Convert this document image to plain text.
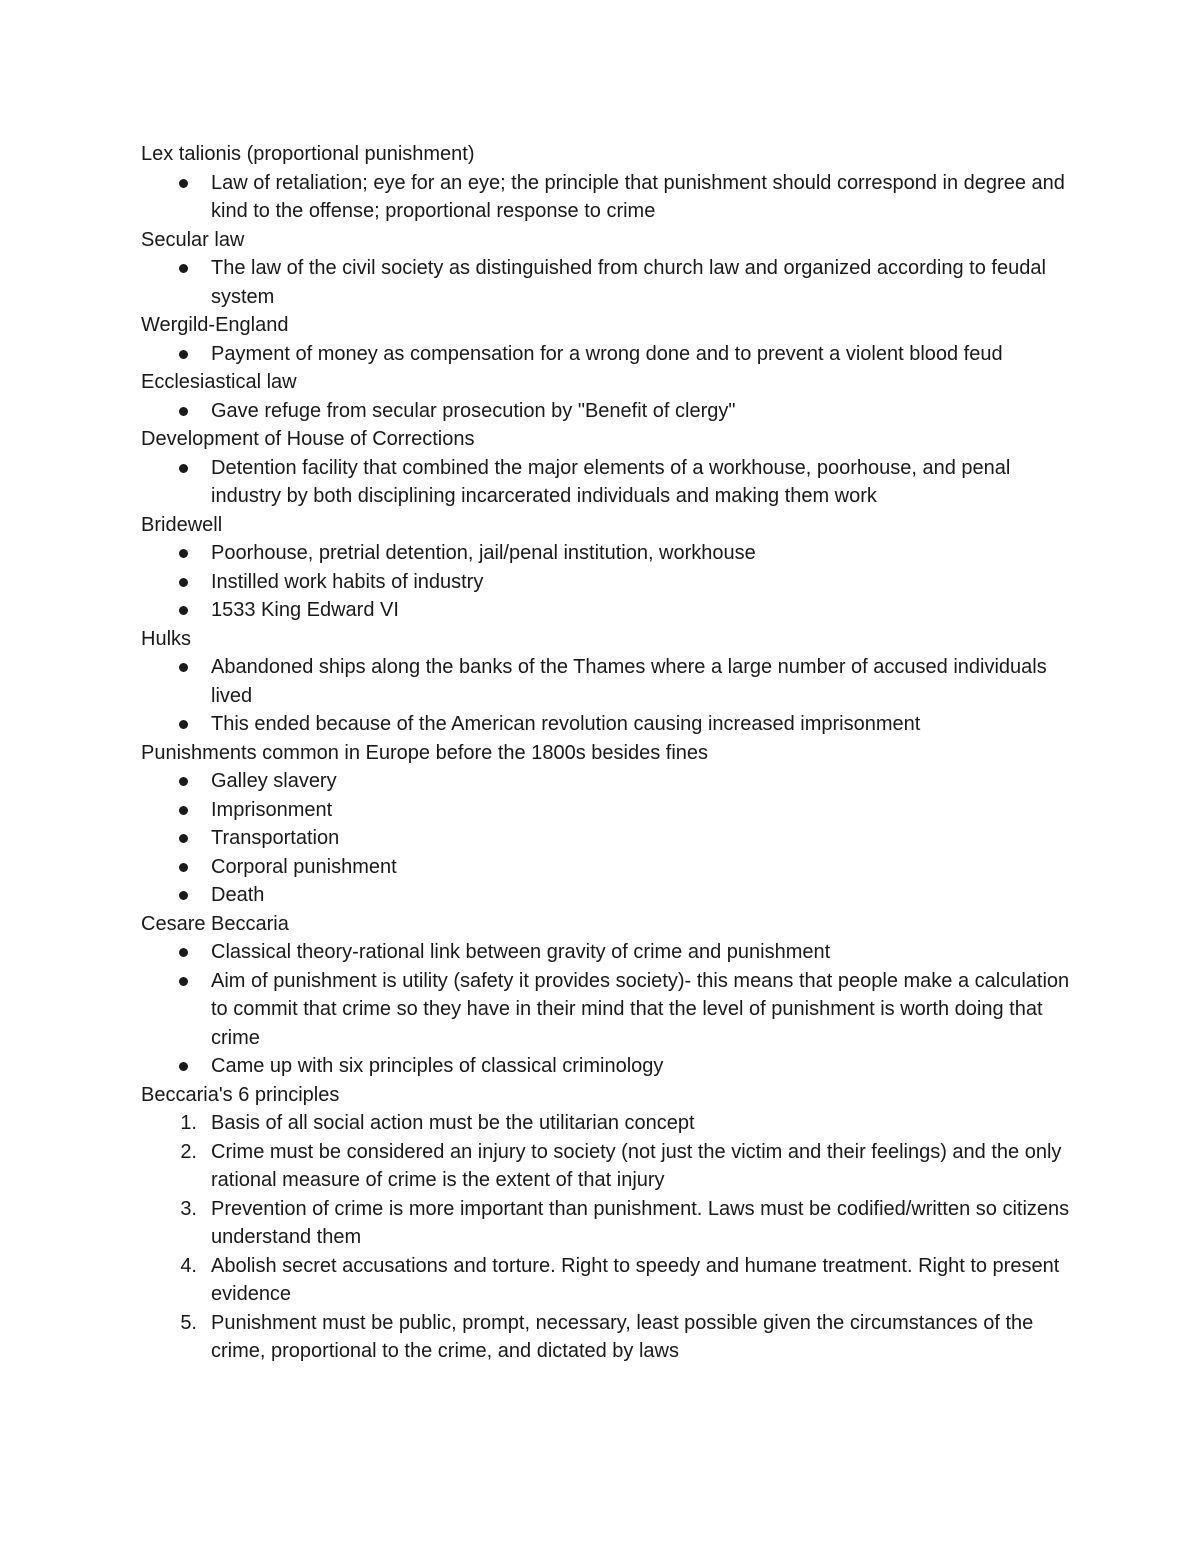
Lex talionis (proportional punishment)
Law of retaliation; eye for an eye; the principle that punishment should correspond in degree and kind to the offense; proportional response to crime
Secular law
The law of the civil society as distinguished from church law and organized according to feudal system
Wergild-England
Payment of money as compensation for a wrong done and to prevent a violent blood feud
Ecclesiastical law
Gave refuge from secular prosecution by "Benefit of clergy"
Development of House of Corrections
Detention facility that combined the major elements of a workhouse, poorhouse, and penal industry by both disciplining incarcerated individuals and making them work
Bridewell
Poorhouse, pretrial detention, jail/penal institution, workhouse
Instilled work habits of industry
1533 King Edward VI
Hulks
Abandoned ships along the banks of the Thames where a large number of accused individuals lived
This ended because of the American revolution causing increased imprisonment
Punishments common in Europe before the 1800s besides fines
Galley slavery
Imprisonment
Transportation
Corporal punishment
Death
Cesare Beccaria
Classical theory-rational link between gravity of crime and punishment
Aim of punishment is utility (safety it provides society)- this means that people make a calculation to commit that crime so they have in their mind that the level of punishment is worth doing that crime
Came up with six principles of classical criminology
Beccaria's 6 principles
1. Basis of all social action must be the utilitarian concept
2. Crime must be considered an injury to society (not just the victim and their feelings) and the only rational measure of crime is the extent of that injury
3. Prevention of crime is more important than punishment. Laws must be codified/written so citizens understand them
4. Abolish secret accusations and torture. Right to speedy and humane treatment. Right to present evidence
5. Punishment must be public, prompt, necessary, least possible given the circumstances of the crime, proportional to the crime, and dictated by laws
